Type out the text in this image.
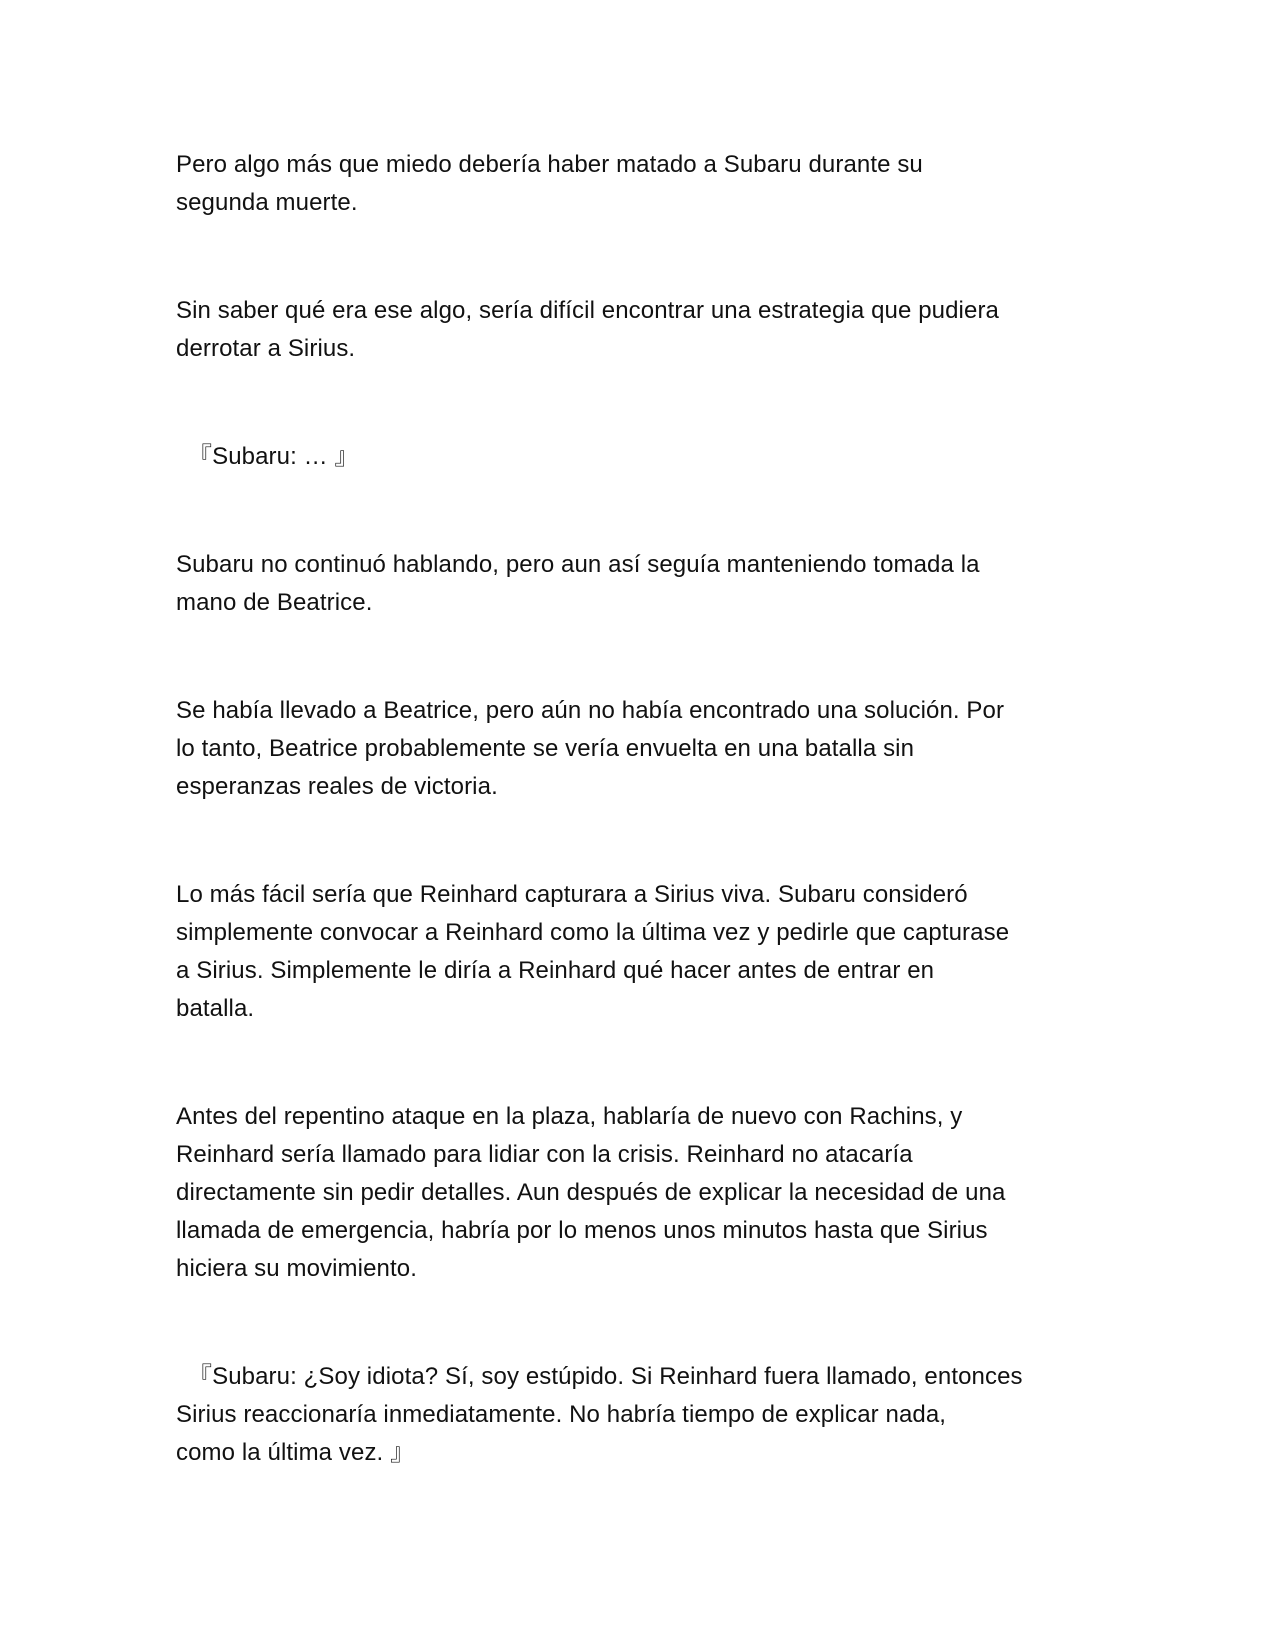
Pero algo más que miedo debería haber matado a Subaru durante su
segunda muerte.

Sin saber qué era ese algo, sería difícil encontrar una estrategia que pudiera
derrotar a Sirius.

『Subaru: … 』

Subaru no continuó hablando, pero aun así seguía manteniendo tomada la
mano de Beatrice.

Se había llevado a Beatrice, pero aún no había encontrado una solución. Por
lo tanto, Beatrice probablemente se vería envuelta en una batalla sin
esperanzas reales de victoria.

Lo más fácil sería que Reinhard capturara a Sirius viva. Subaru consideró
simplemente convocar a Reinhard como la última vez y pedirle que capturase
a Sirius. Simplemente le diría a Reinhard qué hacer antes de entrar en
batalla.

Antes del repentino ataque en la plaza, hablaría de nuevo con Rachins, y
Reinhard sería llamado para lidiar con la crisis. Reinhard no atacaría
directamente sin pedir detalles. Aun después de explicar la necesidad de una
llamada de emergencia, habría por lo menos unos minutos hasta que Sirius
hiciera su movimiento.

『Subaru: ¿Soy idiota? Sí, soy estúpido. Si Reinhard fuera llamado, entonces
Sirius reaccionaría inmediatamente. No habría tiempo de explicar nada,
como la última vez. 』
